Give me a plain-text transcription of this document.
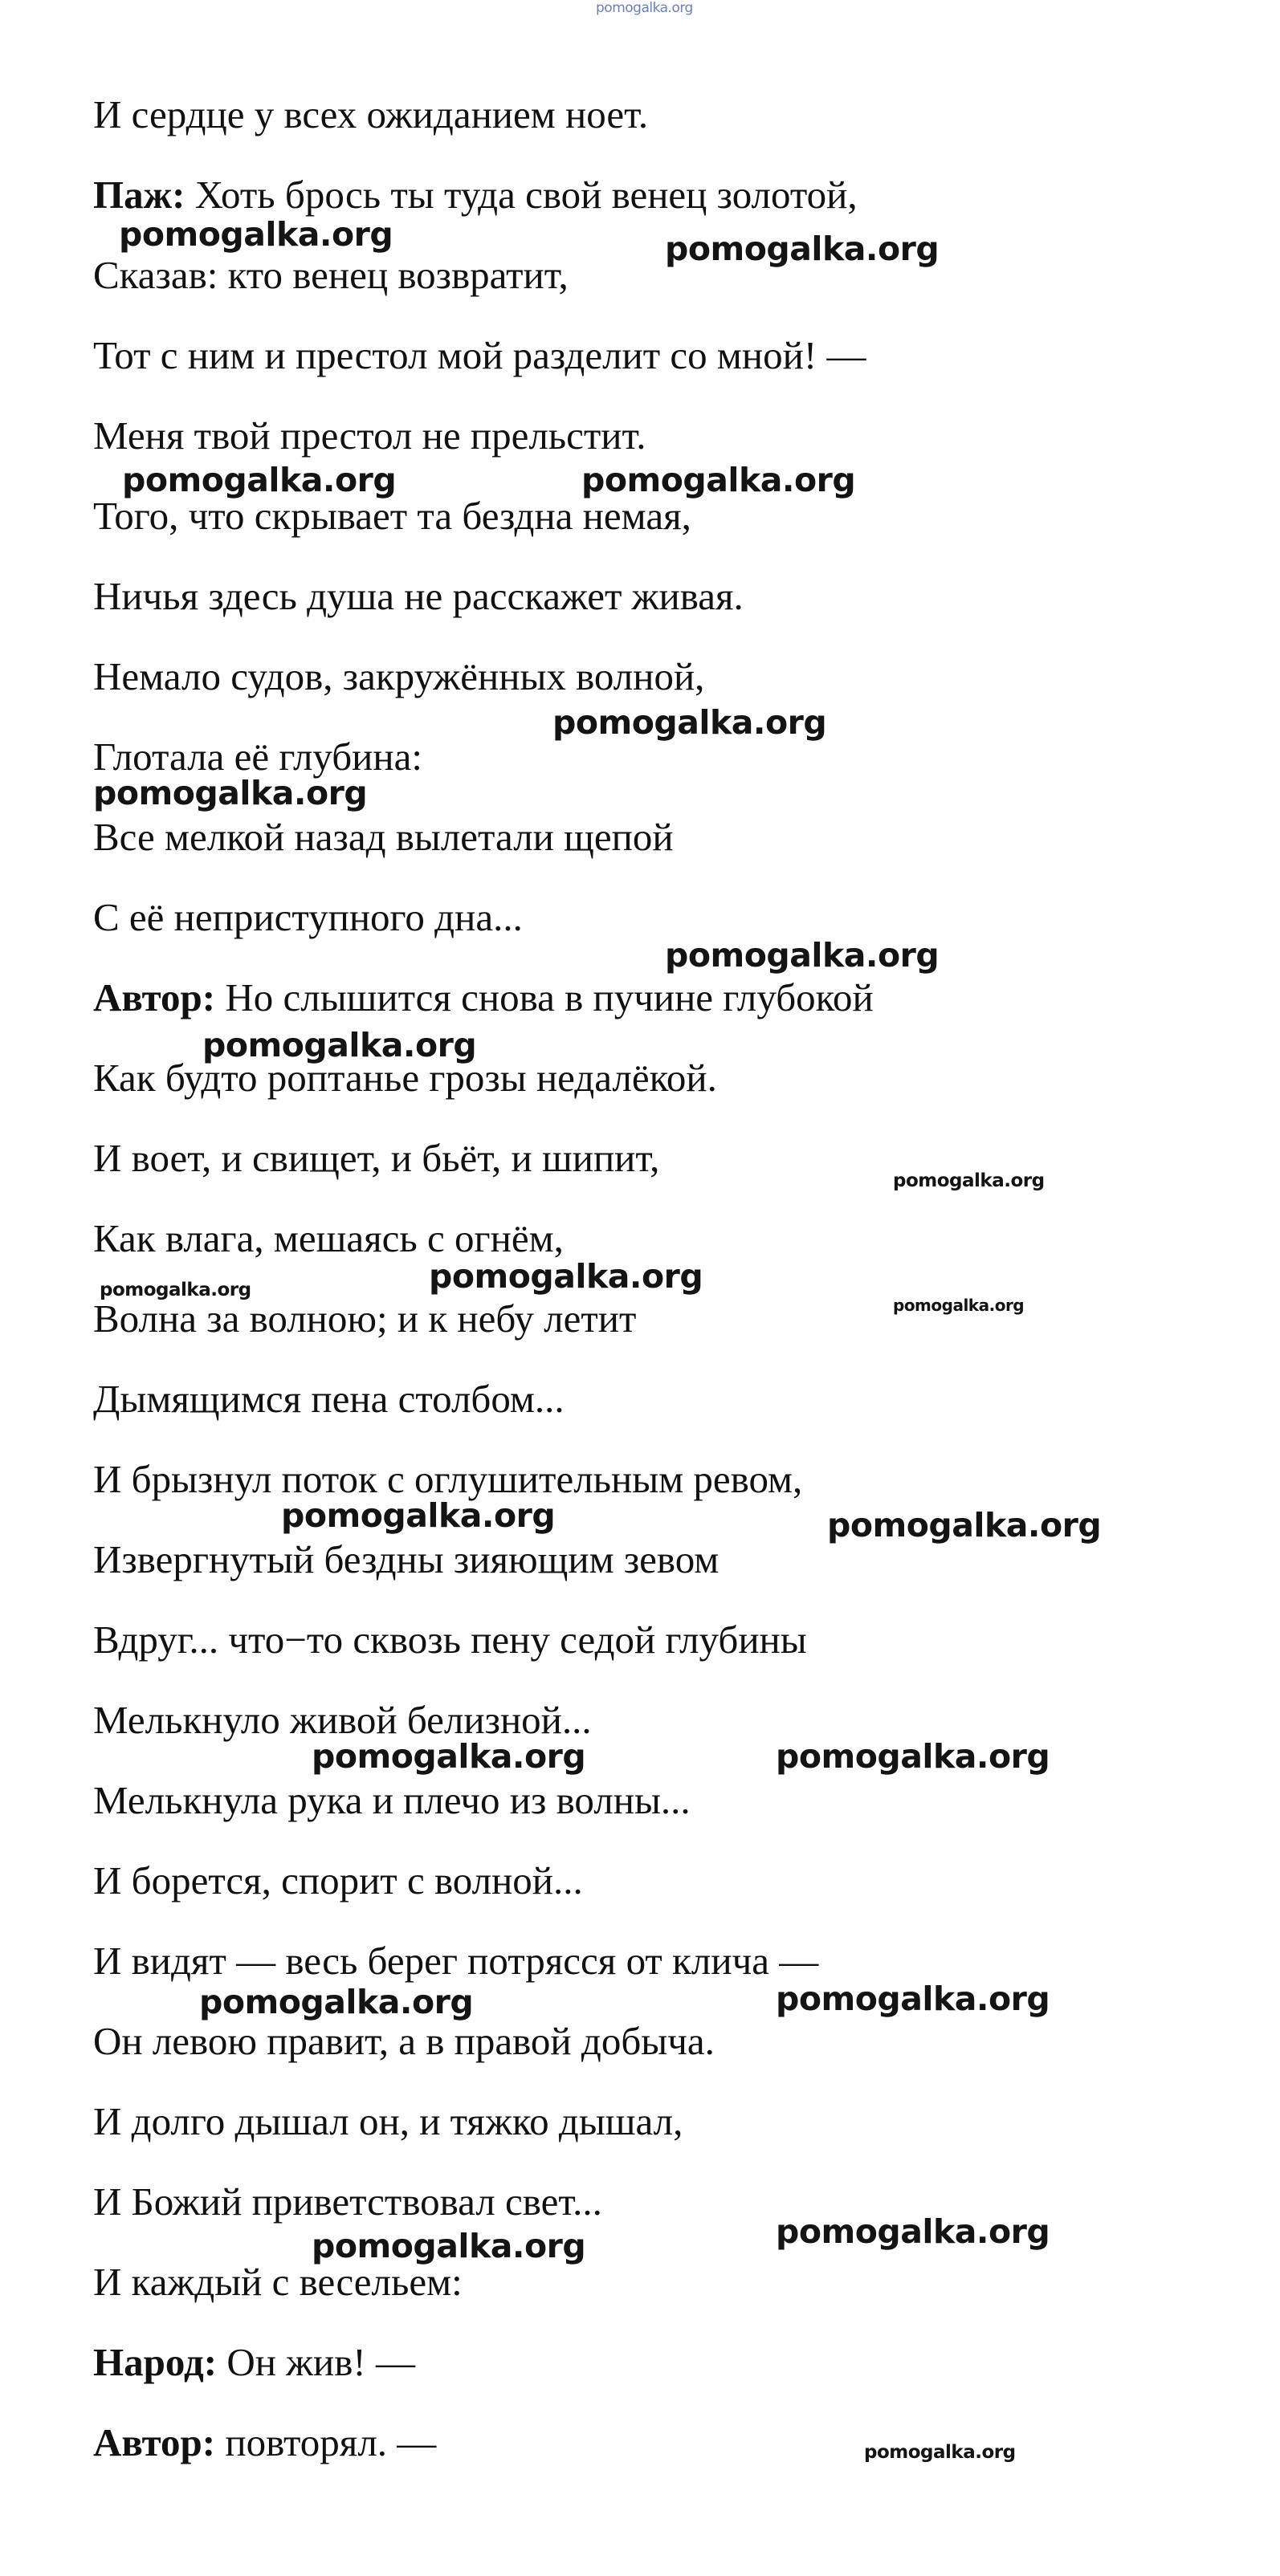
pomogalka.org
И сердце у всех ожиданием ноет.
Паж: Хоть брось ты туда свой венец золотой,
Сказав: кто венец возвратит,
Тот с ним и престол мой разделит со мной! —
Меня твой престол не прельстит.
Того, что скрывает та бездна немая,
Ничья здесь душа не расскажет живая.
Немало судов, закружённых волной,
Глотала её глубина:
Все мелкой назад вылетали щепой
С её неприступного дна...
Автор: Но слышится снова в пучине глубокой
Как будто роптанье грозы недалёкой.
И воет, и свищет, и бьёт, и шипит,
Как влага, мешаясь с огнём,
Волна за волною; и к небу летит
Дымящимся пена столбом...
И брызнул поток с оглушительным ревом,
Извергнутый бездны зияющим зевом
Вдруг... что−то сквозь пену седой глубины
Мелькнуло живой белизной...
Мелькнула рука и плечо из волны...
И борется, спорит с волной...
И видят — весь берег потрясся от клича —
Он левою правит, а в правой добыча.
И долго дышал он, и тяжко дышал,
И Божий приветствовал свет...
И каждый с весельем:
Народ: Он жив! —
Автор: повторял. —
pomogalka.org	pomogalka.org
pomogalka.org	pomogalka.org
pomogalka.org
pomogalka.org
pomogalka.org
pomogalka.org
pomogalka.org
pomogalka.org
pomogalka.org
pomogalka.org
pomogalka.org	pomogalka.org
pomogalka.org	pomogalka.org
pomogalka.org	pomogalka.org
pomogalka.org	pomogalka.org
pomogalka.org
